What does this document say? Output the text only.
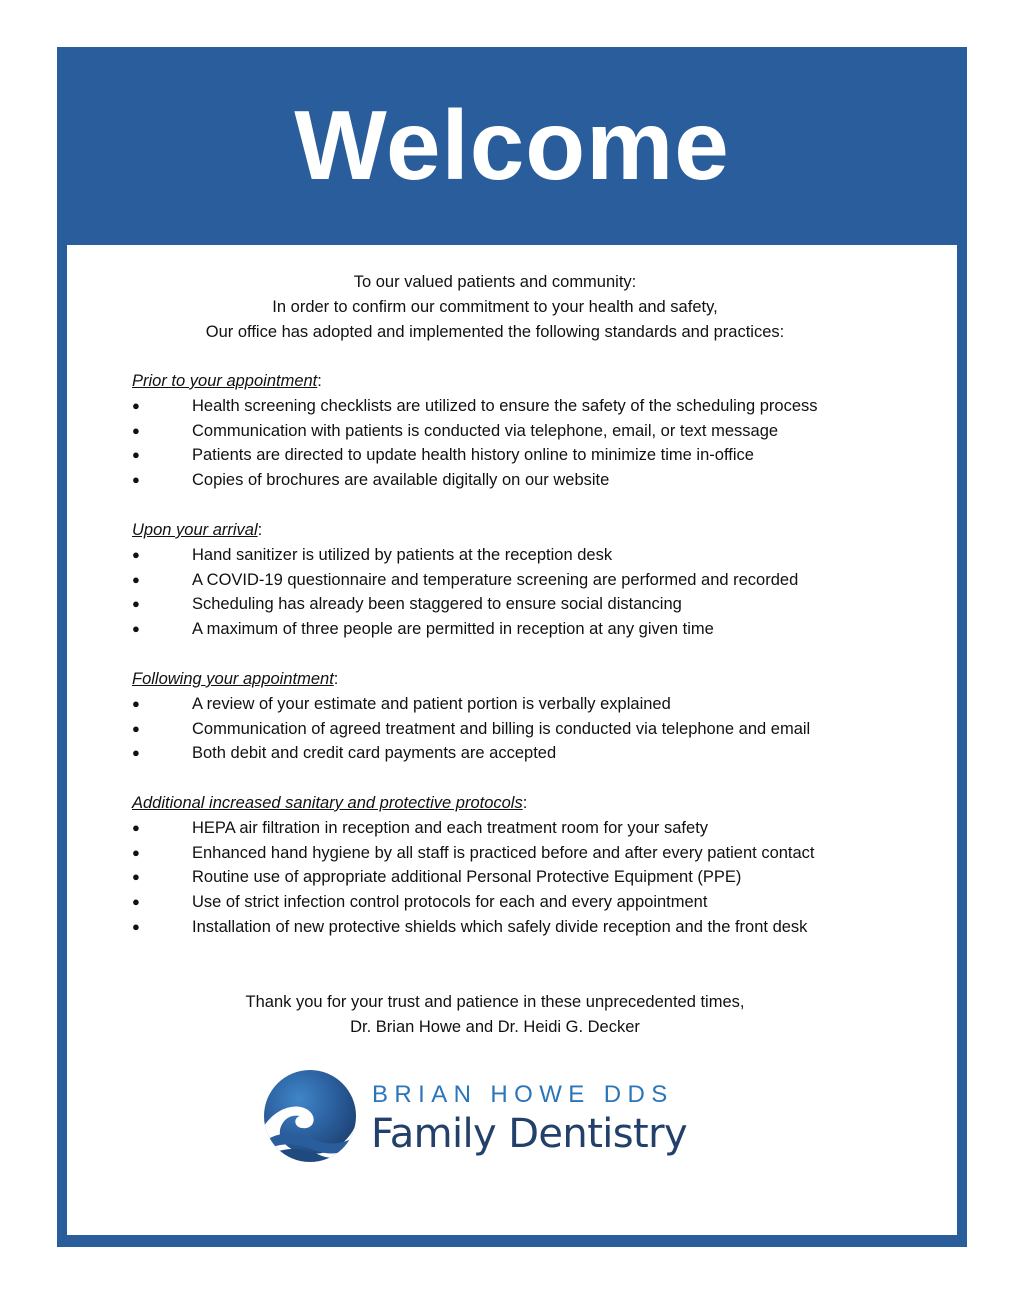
Welcome
To our valued patients and community:
In order to confirm our commitment to your health and safety,
Our office has adopted and implemented the following standards and practices:
Prior to your appointment:
●	Health screening checklists are utilized to ensure the safety of the scheduling process
●	Communication with patients is conducted via telephone, email, or text message
●	Patients are directed to update health history online to minimize time in-office
●	Copies of brochures are available digitally on our website
Upon your arrival:
●	Hand sanitizer is utilized by patients at the reception desk
●	A COVID-19 questionnaire and temperature screening are performed and recorded
●	Scheduling has already been staggered to ensure social distancing
●	A maximum of three people are permitted in reception at any given time
Following your appointment:
●	A review of your estimate and patient portion is verbally explained
●	Communication of agreed treatment and billing is conducted via telephone and email
●	Both debit and credit card payments are accepted
Additional increased sanitary and protective protocols:
●	HEPA air filtration in reception and each treatment room for your safety
●	Enhanced hand hygiene by all staff is practiced before and after every patient contact
●	Routine use of appropriate additional Personal Protective Equipment (PPE)
●	Use of strict infection control protocols for each and every appointment
●	Installation of new protective shields which safely divide reception and the front desk
Thank you for your trust and patience in these unprecedented times,
Dr. Brian Howe and Dr. Heidi G. Decker
BRIAN HOWE DDS
Family Dentistry
